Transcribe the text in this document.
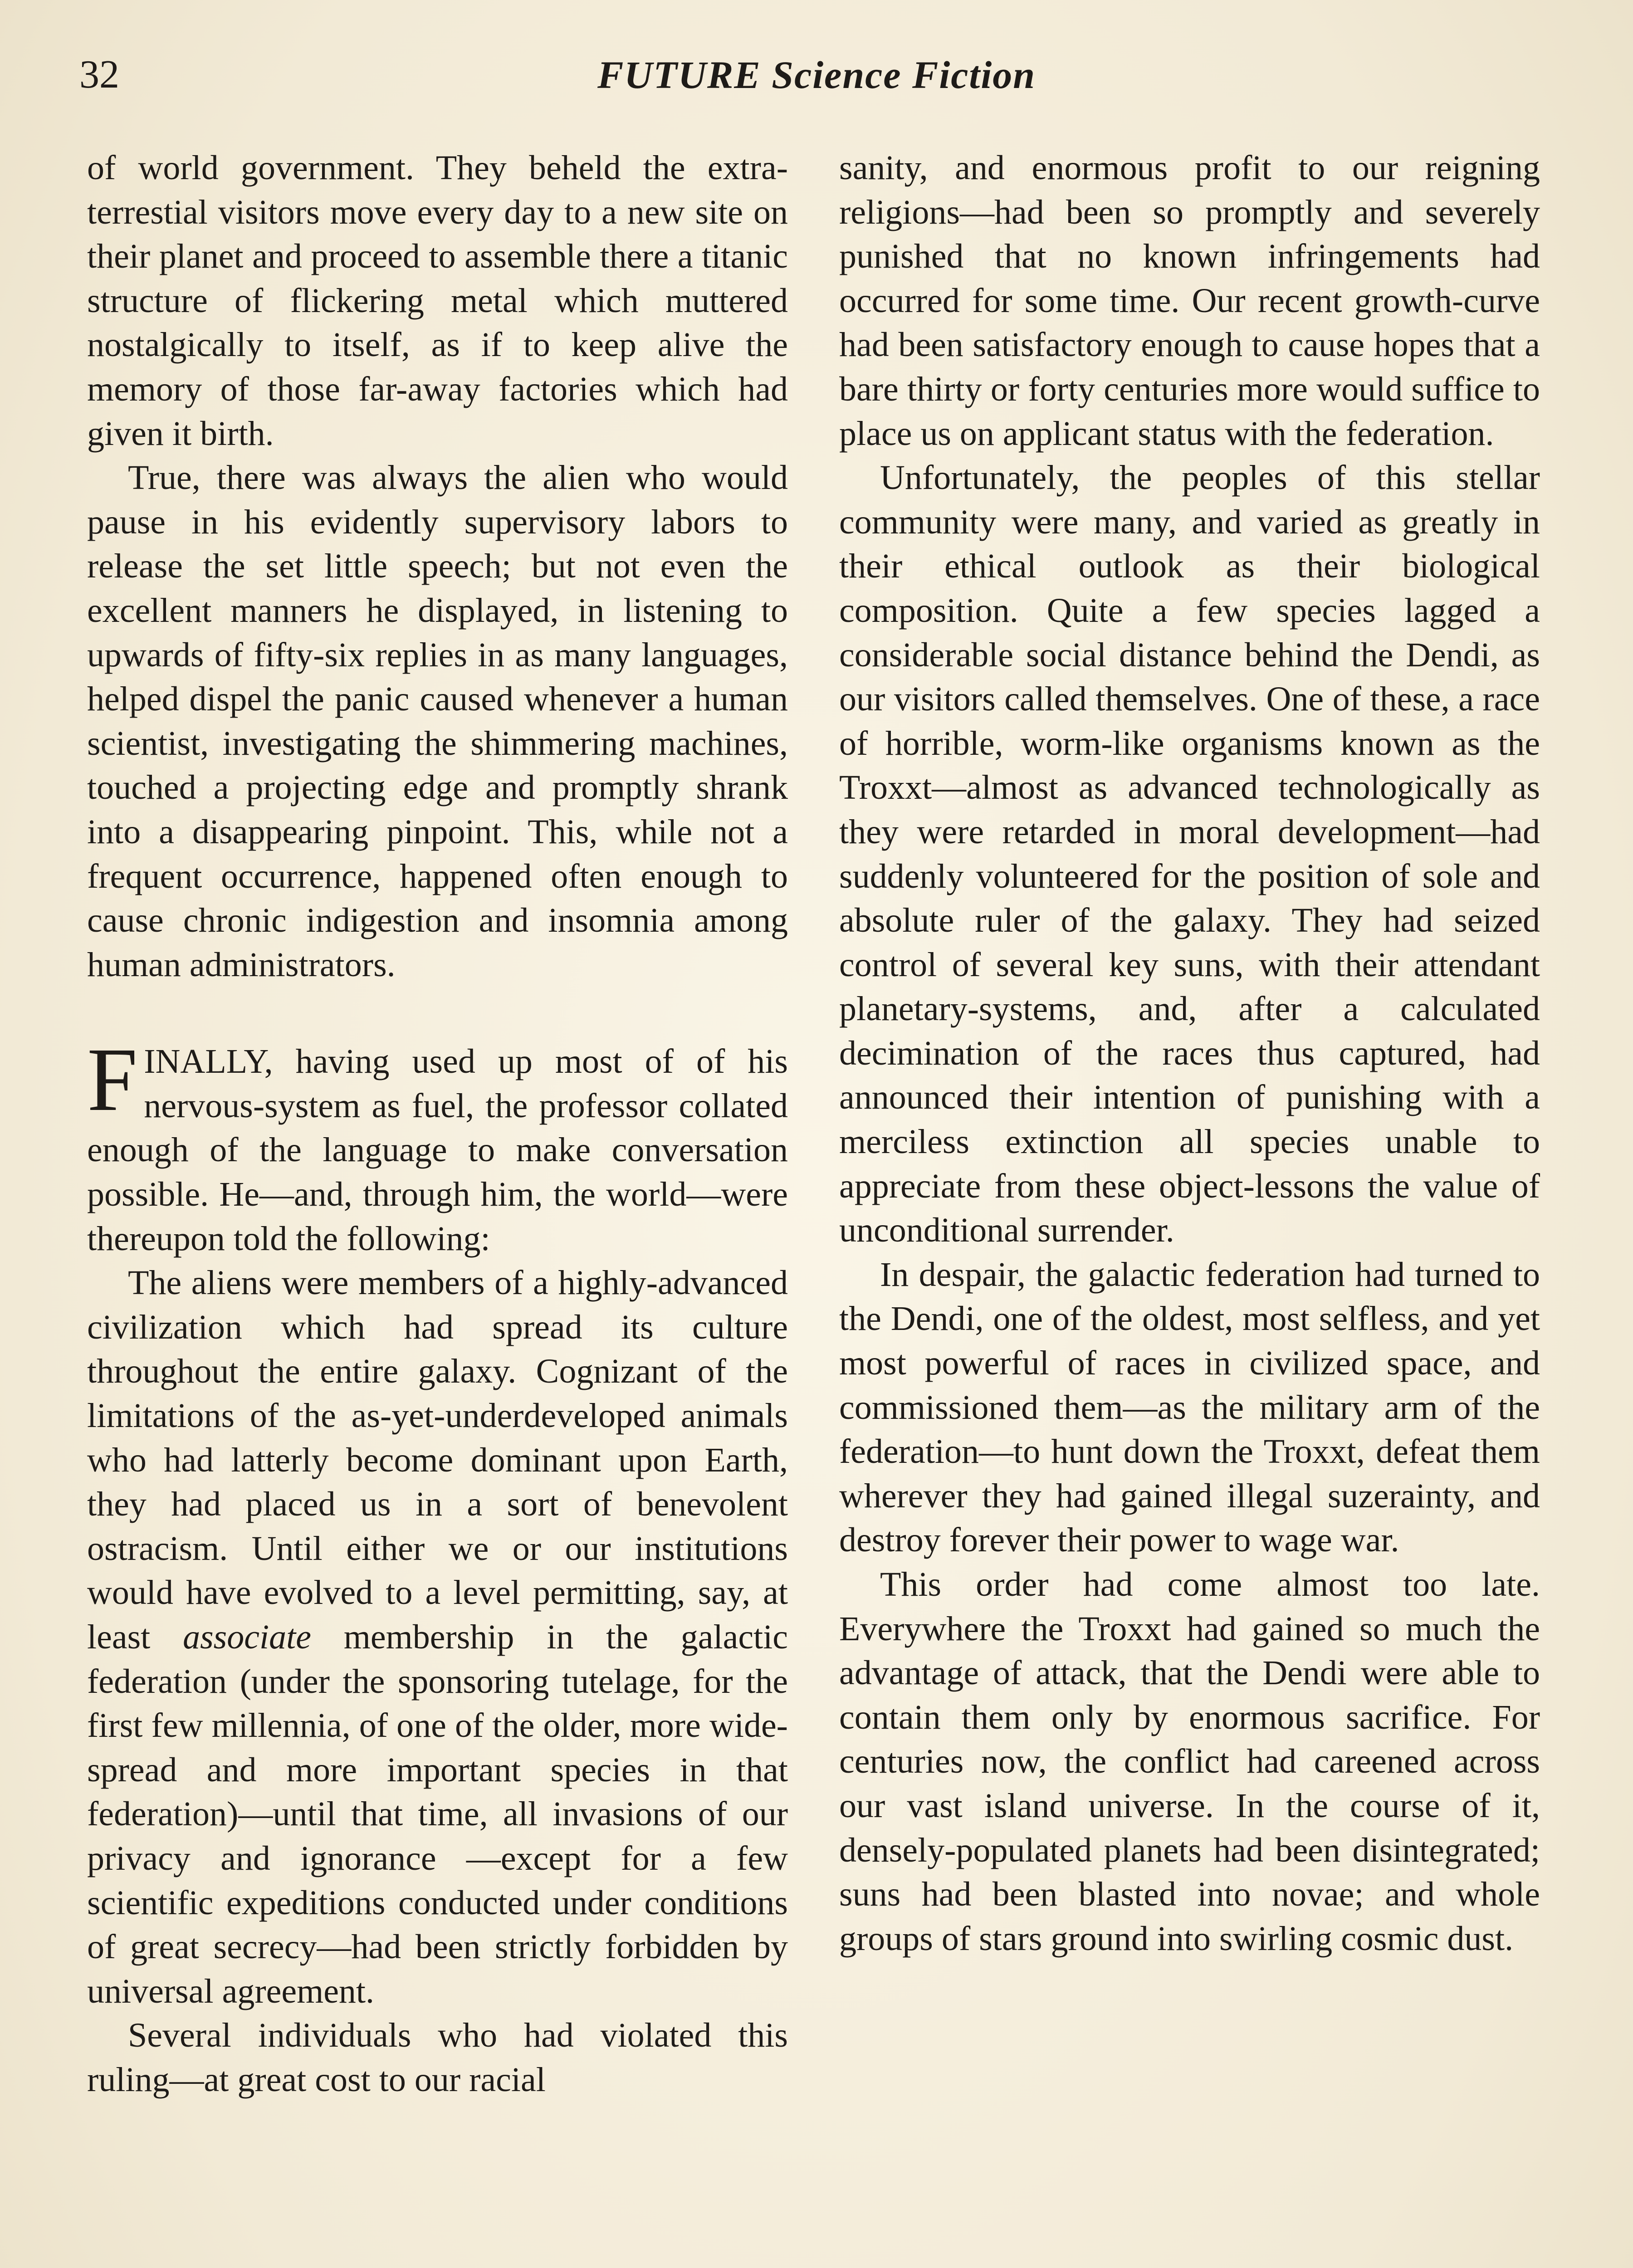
32	FUTURE Science Fiction

of world government. They beheld the extra-terrestial visitors move every day to a new site on their planet and proceed to assemble there a titanic structure of flickering metal which muttered nostalgically to itself, as if to keep alive the memory of those far-away factories which had given it birth.

True, there was always the alien who would pause in his evidently supervisory labors to release the set little speech; but not even the excellent manners he displayed, in listening to upwards of fifty-six replies in as many languages, helped dispel the panic caused whenever a human scientist, investigating the shimmering machines, touched a projecting edge and promptly shrank into a disappearing pinpoint. This, while not a frequent occurrence, happened often enough to cause chronic indigestion and insomnia among human administrators.

FINALLY, having used up most of of his nervous-system as fuel, the professor collated enough of the language to make conversation possible. He—and, through him, the world—were thereupon told the following:

The aliens were members of a highly-advanced civilization which had spread its culture throughout the entire galaxy. Cognizant of the limitations of the as-yet-underdeveloped animals who had latterly become dominant upon Earth, they had placed us in a sort of benevolent ostracism. Until either we or our institutions would have evolved to a level permitting, say, at least associate membership in the galactic federation (under the sponsoring tutelage, for the first few millennia, of one of the older, more wide-spread and more important species in that federation)—until that time, all invasions of our privacy and ignorance —except for a few scientific expeditions conducted under conditions of great secrecy—had been strictly forbidden by universal agreement.

Several individuals who had violated this ruling—at great cost to our racial

sanity, and enormous profit to our reigning religions—had been so promptly and severely punished that no known infringements had occurred for some time. Our recent growth-curve had been satisfactory enough to cause hopes that a bare thirty or forty centuries more would suffice to place us on applicant status with the federation.

Unfortunately, the peoples of this stellar community were many, and varied as greatly in their ethical outlook as their biological composition. Quite a few species lagged a considerable social distance behind the Dendi, as our visitors called themselves. One of these, a race of horrible, worm-like organisms known as the Troxxt—almost as advanced technologically as they were retarded in moral development—had suddenly volunteered for the position of sole and absolute ruler of the galaxy. They had seized control of several key suns, with their attendant planetary-systems, and, after a calculated decimination of the races thus captured, had announced their intention of punishing with a merciless extinction all species unable to appreciate from these object-lessons the value of unconditional surrender.

In despair, the galactic federation had turned to the Dendi, one of the oldest, most selfless, and yet most powerful of races in civilized space, and commissioned them—as the military arm of the federation—to hunt down the Troxxt, defeat them wherever they had gained illegal suzerainty, and destroy forever their power to wage war.

This order had come almost too late. Everywhere the Troxxt had gained so much the advantage of attack, that the Dendi were able to contain them only by enormous sacrifice. For centuries now, the conflict had careened across our vast island universe. In the course of it, densely-populated planets had been disintegrated; suns had been blasted into novae; and whole groups of stars ground into swirling cosmic dust.
